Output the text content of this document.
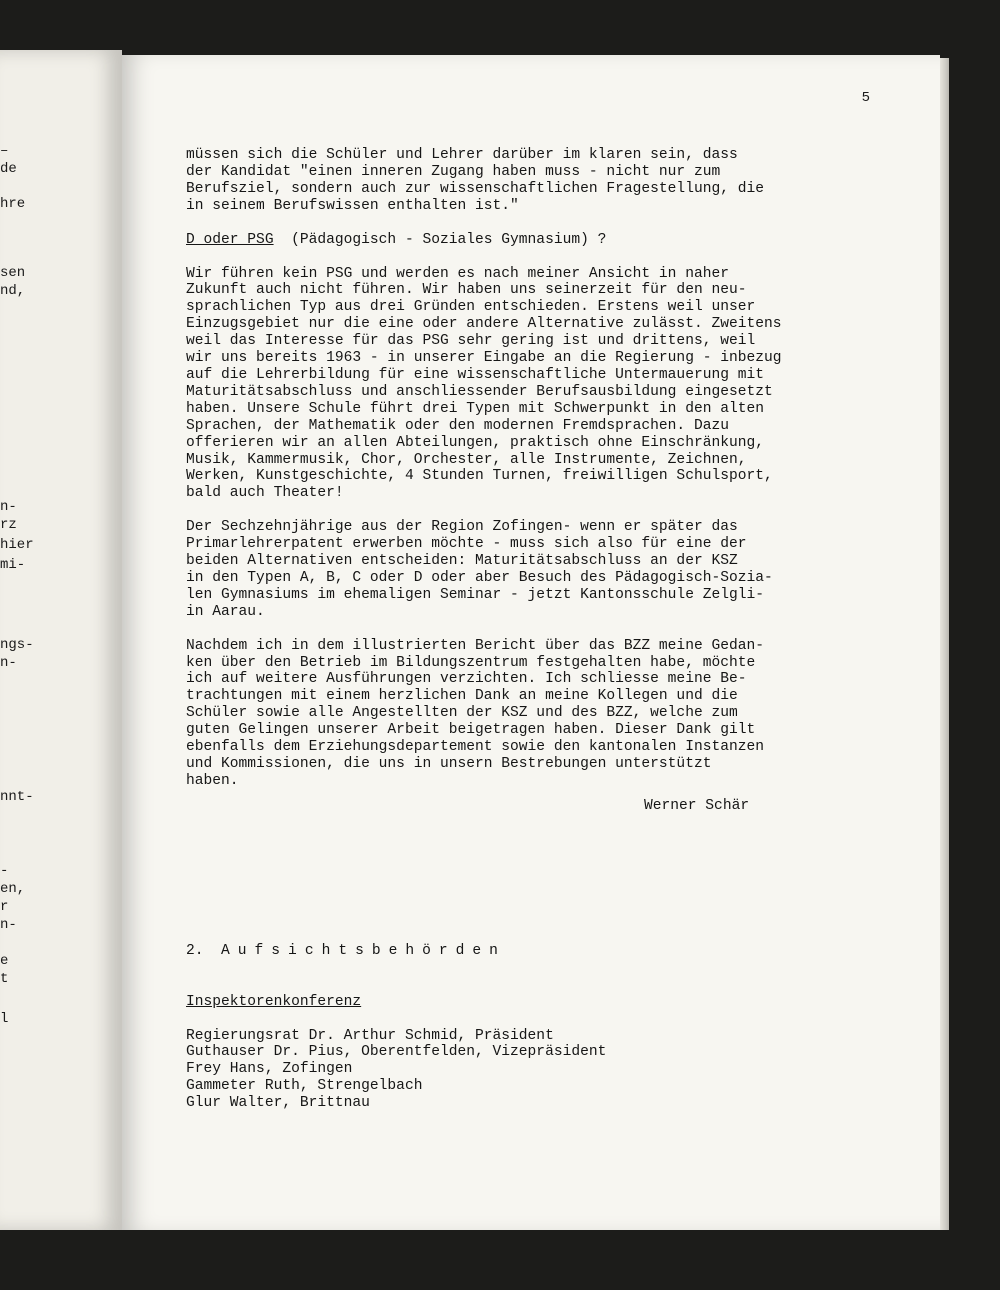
–
de
hre
sen
nd,
n-
rz
hier
mi-
ngs-
n-
nnt-
-
en,
r
n-
e
t
l
5

müssen sich die Schüler und Lehrer darüber im klaren sein, dass

der Kandidat "einen inneren Zugang haben muss - nicht nur zum

Berufsziel, sondern auch zur wissenschaftlichen Fragestellung, die

in seinem Berufswissen enthalten ist."

D oder PSG  (Pädagogisch - Soziales Gymnasium) ?

Wir führen kein PSG und werden es nach meiner Ansicht in naher

Zukunft auch nicht führen. Wir haben uns seinerzeit für den neu-

sprachlichen Typ aus drei Gründen entschieden. Erstens weil unser

Einzugsgebiet nur die eine oder andere Alternative zulässt. Zweitens

weil das Interesse für das PSG sehr gering ist und drittens, weil

wir uns bereits 1963 - in unserer Eingabe an die Regierung - inbezug

auf die Lehrerbildung für eine wissenschaftliche Untermauerung mit

Maturitätsabschluss und anschliessender Berufsausbildung eingesetzt

haben. Unsere Schule führt drei Typen mit Schwerpunkt in den alten

Sprachen, der Mathematik oder den modernen Fremdsprachen. Dazu

offerieren wir an allen Abteilungen, praktisch ohne Einschränkung,

Musik, Kammermusik, Chor, Orchester, alle Instrumente, Zeichnen,

Werken, Kunstgeschichte, 4 Stunden Turnen, freiwilligen Schulsport,

bald auch Theater!

Der Sechzehnjährige aus der Region Zofingen- wenn er später das

Primarlehrerpatent erwerben möchte - muss sich also für eine der

beiden Alternativen entscheiden: Maturitätsabschluss an der KSZ

in den Typen A, B, C oder D oder aber Besuch des Pädagogisch-Sozia-

len Gymnasiums im ehemaligen Seminar - jetzt Kantonsschule Zelgli-

in Aarau.

Nachdem ich in dem illustrierten Bericht über das BZZ meine Gedan-

ken über den Betrieb im Bildungszentrum festgehalten habe, möchte

ich auf weitere Ausführungen verzichten. Ich schliesse meine Be-

trachtungen mit einem herzlichen Dank an meine Kollegen und die

Schüler sowie alle Angestellten der KSZ und des BZZ, welche zum

guten Gelingen unserer Arbeit beigetragen haben. Dieser Dank gilt

ebenfalls dem Erziehungsdepartement sowie den kantonalen Instanzen

und Kommissionen, die uns in unsern Bestrebungen unterstützt

haben.

Werner Schär

2. Aufsichtsbehörden

Inspektorenkonferenz

Regierungsrat Dr. Arthur Schmid, Präsident

Guthauser Dr. Pius, Oberentfelden, Vizepräsident

Frey Hans, Zofingen

Gammeter Ruth, Strengelbach

Glur Walter, Brittnau
